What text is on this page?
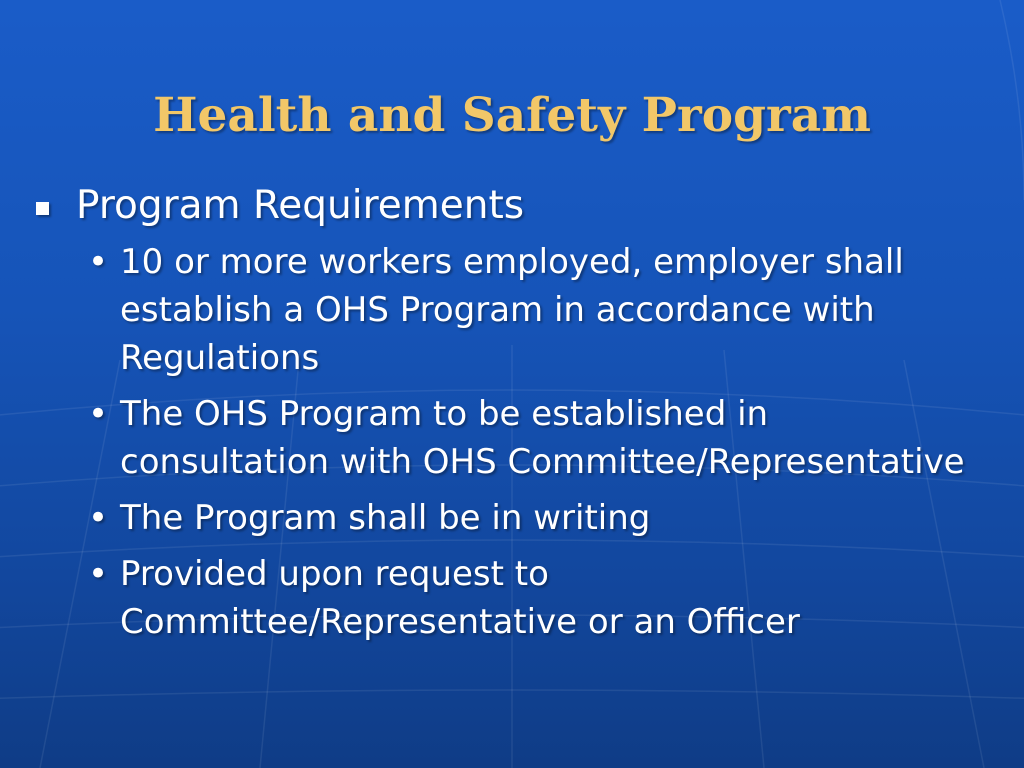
Health and Safety Program
Program Requirements
• 10 or more workers employed, employer shall establish a OHS Program in accordance with Regulations
• The OHS Program to be established in consultation with OHS Committee/Representative
• The Program shall be in writing
• Provided upon request to Committee/Representative or an Officer
